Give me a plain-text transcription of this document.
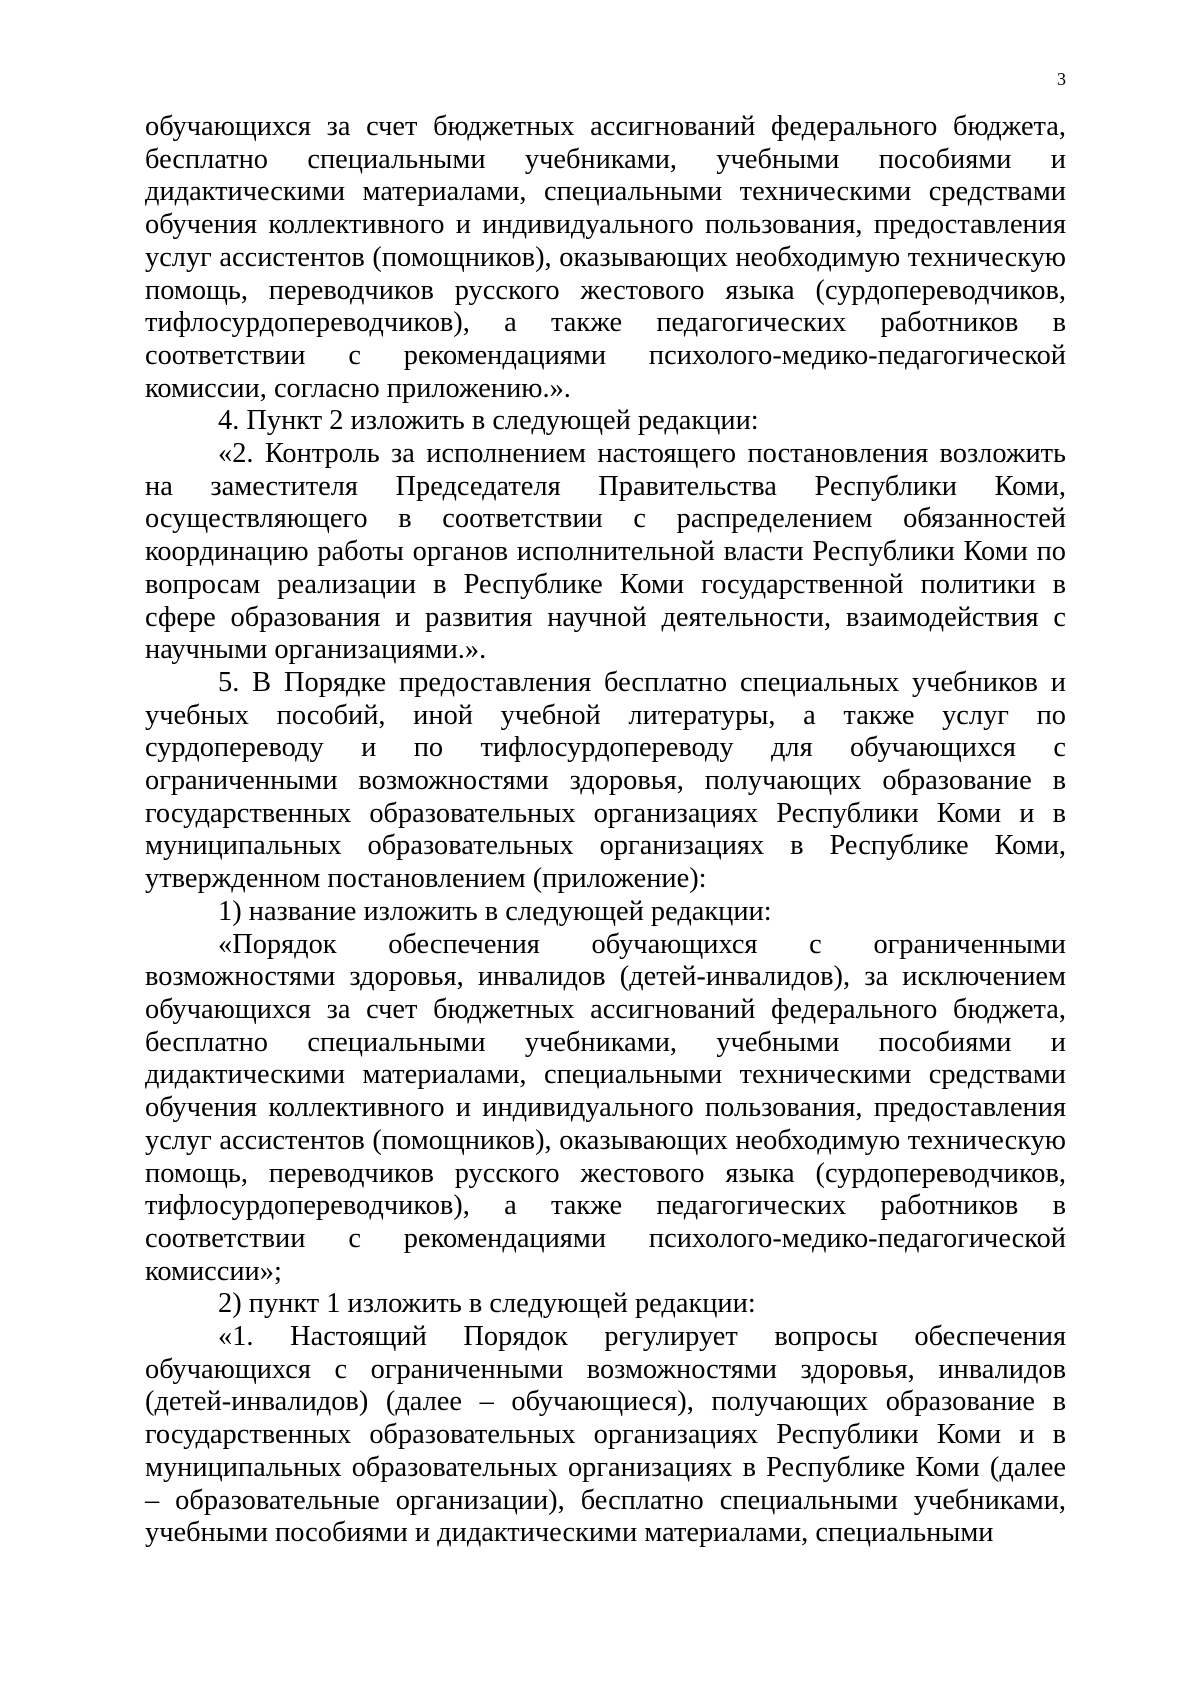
3

обучающихся за счет бюджетных ассигнований федерального бюджета, бесплатно специальными учебниками, учебными пособиями и дидактическими материалами, специальными техническими средствами обучения коллективного и индивидуального пользования, предоставления услуг ассистентов (помощников), оказывающих необходимую техническую помощь, переводчиков русского жестового языка (сурдопереводчиков, тифлосурдопереводчиков), а также педагогических работников в соответствии с рекомендациями психолого-медико-педагогической комиссии, согласно приложению.».

4. Пункт 2 изложить в следующей редакции:

«2. Контроль за исполнением настоящего постановления возложить на заместителя Председателя Правительства Республики Коми, осуществляющего в соответствии с распределением обязанностей координацию работы органов исполнительной власти Республики Коми по вопросам реализации в Республике Коми государственной политики в сфере образования и развития научной деятельности, взаимодействия с научными организациями.».

5. В Порядке предоставления бесплатно специальных учебников и учебных пособий, иной учебной литературы, а также услуг по сурдопереводу и по тифлосурдопереводу для обучающихся с ограниченными возможностями здоровья, получающих образование в государственных образовательных организациях Республики Коми и в муниципальных образовательных организациях в Республике Коми, утвержденном постановлением (приложение):

1) название изложить в следующей редакции:

«Порядок обеспечения обучающихся с ограниченными возможностями здоровья, инвалидов (детей-инвалидов), за исключением обучающихся за счет бюджетных ассигнований федерального бюджета, бесплатно специальными учебниками, учебными пособиями и дидактическими материалами, специальными техническими средствами обучения коллективного и индивидуального пользования, предоставления услуг ассистентов (помощников), оказывающих необходимую техническую помощь, переводчиков русского жестового языка (сурдопереводчиков, тифлосурдопереводчиков), а также педагогических работников в соответствии с рекомендациями психолого-медико-педагогической комиссии»;

2) пункт 1 изложить в следующей редакции:

«1. Настоящий Порядок регулирует вопросы обеспечения обучающихся с ограниченными возможностями здоровья, инвалидов (детей-инвалидов) (далее – обучающиеся), получающих образование в государственных образовательных организациях Республики Коми и в муниципальных образовательных организациях в Республике Коми (далее – образовательные организации), бесплатно специальными учебниками, учебными пособиями и дидактическими материалами, специальными
